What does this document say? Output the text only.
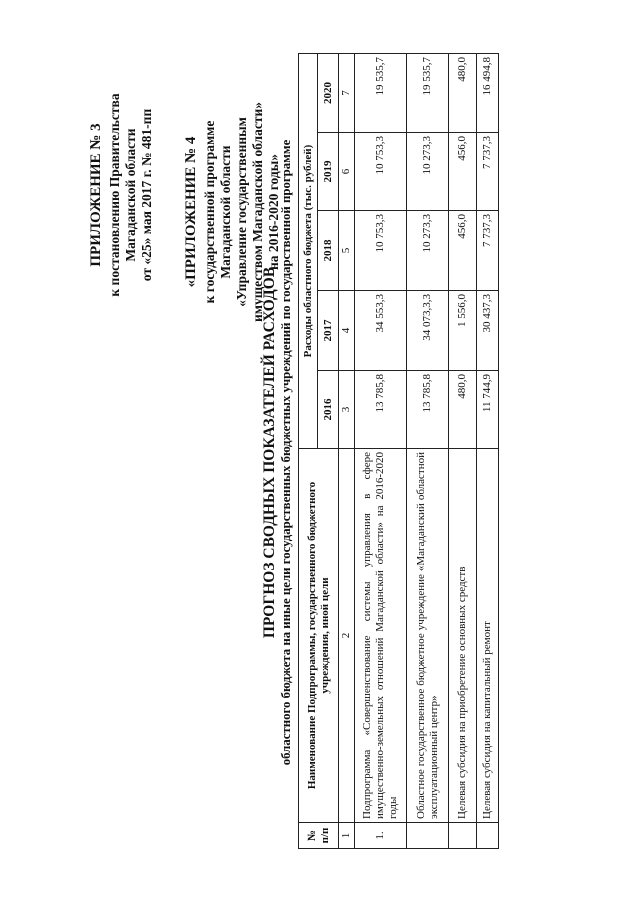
ПРИЛОЖЕНИЕ № 3 к постановлению Правительства Магаданской области от «25» мая 2017 г. № 481-пп «ПРИЛОЖЕНИЕ № 4 к государственной программе Магаданской области «Управление государственным имуществом Магаданской области» на 2016-2020 годы»
ПРОГНОЗ СВОДНЫХ ПОКАЗАТЕЛЕЙ РАСХОДОВ областного бюджета на иные цели государственных бюджетных учреждений по государственной программе
№ п/п	Наименование Подпрограммы, государственного бюджетного учреждения, иной цели	Расходы областного бюджета (тыс. рублей)				
		2016	2017	2018	2019	2020
1	2	3	4	5	6	7
1.	Подпрограмма «Совершенствование системы управления в сфере имущественно-земельных отношений Магаданской области» на 2016-2020 годы	13 785,8	34 553,3	10 753,3	10 753,3	19 535,7
	Областное государственное бюджетное учреждение «Магаданский областной эксплуатационный центр»	13 785,8	34 073,3,3	10 273,3	10 273,3	19 535,7
	Целевая субсидия на приобретение основных средств	480,0	1 556,0	456,0	456,0	480,0
	Целевая субсидия на капитальный ремонт	11 744,9	30 437,3	7 737,3	7 737,3	16 494,8
